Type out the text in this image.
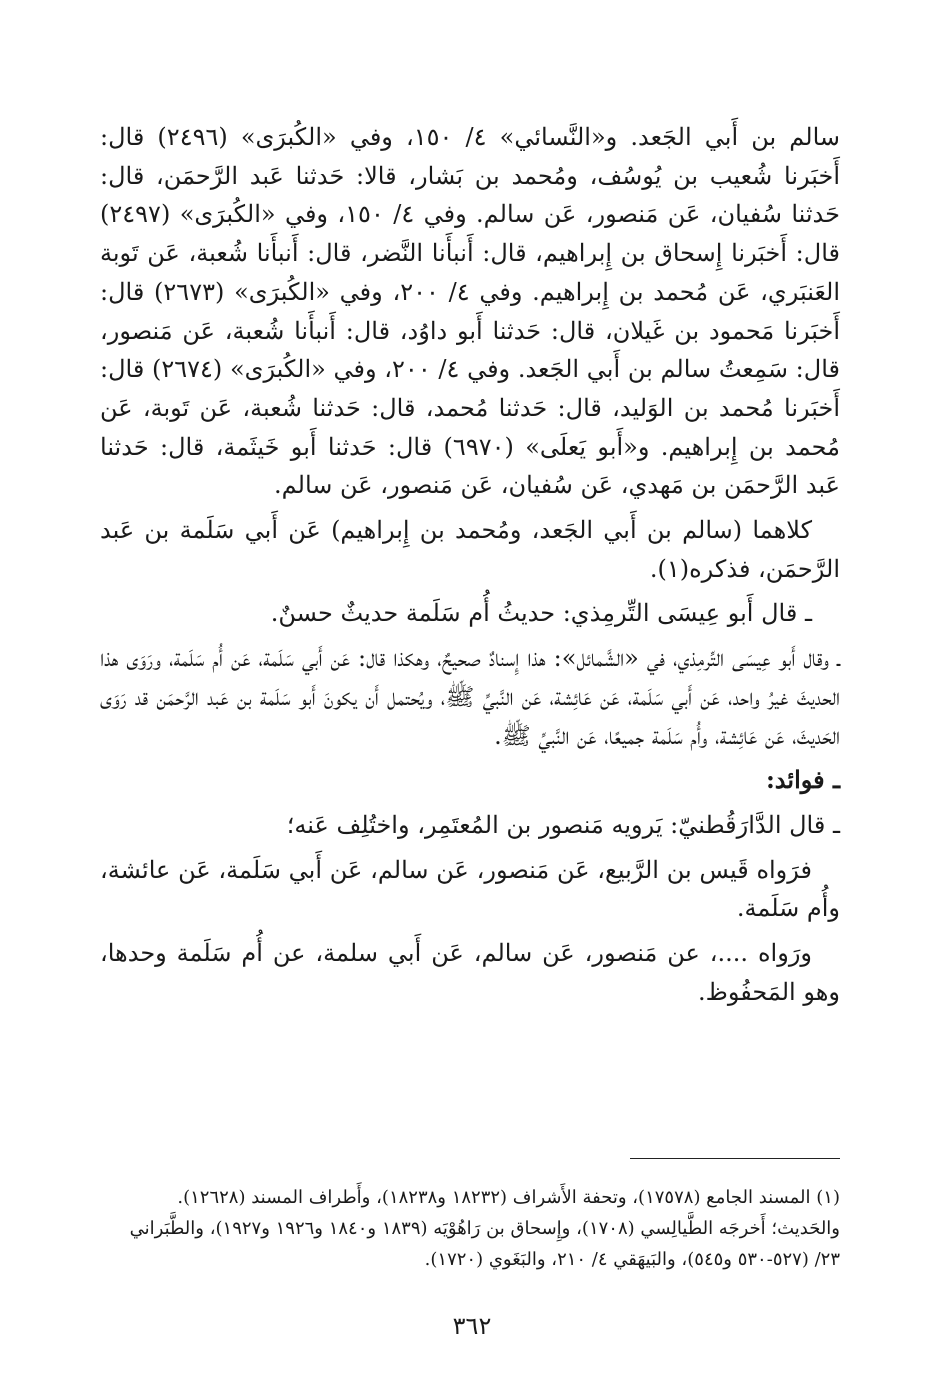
سالم بن أَبي الجَعد. و«النَّسائي» ٤/ ١٥٠، وفي «الكُبرَى» (٢٤٩٦) قال: أَخبَرنا شُعيب بن يُوسُف، ومُحمد بن بَشار، قالا: حَدثنا عَبد الرَّحمَن، قال: حَدثنا سُفيان، عَن مَنصور، عَن سالم. وفي ٤/ ١٥٠، وفي «الكُبرَى» (٢٤٩٧) قال: أَخبَرنا إِسحاق بن إِبراهيم، قال: أَنبأَنا النَّضر، قال: أَنبأَنا شُعبة، عَن تَوبة العَنبَري، عَن مُحمد بن إِبراهيم. وفي ٤/ ٢٠٠، وفي «الكُبرَى» (٢٦٧٣) قال: أَخبَرنا مَحمود بن غَيلان، قال: حَدثنا أَبو داوُد، قال: أَنبأَنا شُعبة، عَن مَنصور، قال: سَمِعتُ سالم بن أَبي الجَعد. وفي ٤/ ٢٠٠، وفي «الكُبرَى» (٢٦٧٤) قال: أَخبَرنا مُحمد بن الوَليد، قال: حَدثنا مُحمد، قال: حَدثنا شُعبة، عَن تَوبة، عَن مُحمد بن إِبراهيم. و«أَبو يَعلَى» (٦٩٧٠) قال: حَدثنا أَبو خَيثَمة، قال: حَدثنا عَبد الرَّحمَن بن مَهدي، عَن سُفيان، عَن مَنصور، عَن سالم.

كلاهما (سالم بن أَبي الجَعد، ومُحمد بن إِبراهيم) عَن أَبي سَلَمة بن عَبد الرَّحمَن، فذكره(١).

ـ قال أَبو عِيسَى التِّرمِذي: حديثُ أُم سَلَمة حديثٌ حسنٌ.

ـ وقال أَبو عِيسَى التِّرمِذي، في «الشَّمائل»: هذا إِسنادٌ صحيحٌ، وهكذا قال: عَن أَبي سَلَمة، عَن أُم سَلَمة، ورَوَى هذا الحديثَ غيرُ واحد، عَن أَبي سَلَمة، عَن عَائِشة، عَن النَّبيِّ ﷺ، ويُحتمل أَن يكونَ أَبو سَلَمة بن عَبد الرَّحمَن قد رَوَى الحَديثَ، عَن عَائِشة، وأُم سَلَمة جميعًا، عَن النَّبيِّ ﷺ.

ـ فوائد:

ـ قال الدَّارَقُطنيّ: يَرويه مَنصور بن المُعتَمِر، واختُلِف عَنه؛

فرَواه قَيس بن الرَّبيع، عَن مَنصور، عَن سالم، عَن أَبي سَلَمة، عَن عائشة، وأُم سَلَمة.

ورَواه ....، عن مَنصور، عَن سالم، عَن أَبي سلمة، عن أُم سَلَمة وحدها، وهو المَحفُوظ.

(١) المسند الجامع (١٧٥٧٨)، وتحفة الأَشراف (١٨٢٣٢ و١٨٢٣٨)، وأَطراف المسند (١٢٦٢٨).

والحَديث؛ أَخرجَه الطَّيالِسي (١٧٠٨)، وإِسحاق بن رَاهُوْيَه (١٨٣٩ و١٨٤٠ و١٩٢٦ و١٩٢٧)، والطَّبَراني ٢٣/ (٥٢٧-٥٣٠ و٥٤٥)، والبَيهَقي ٤/ ٢١٠، والبَغَوي (١٧٢٠).

٣٦٢
